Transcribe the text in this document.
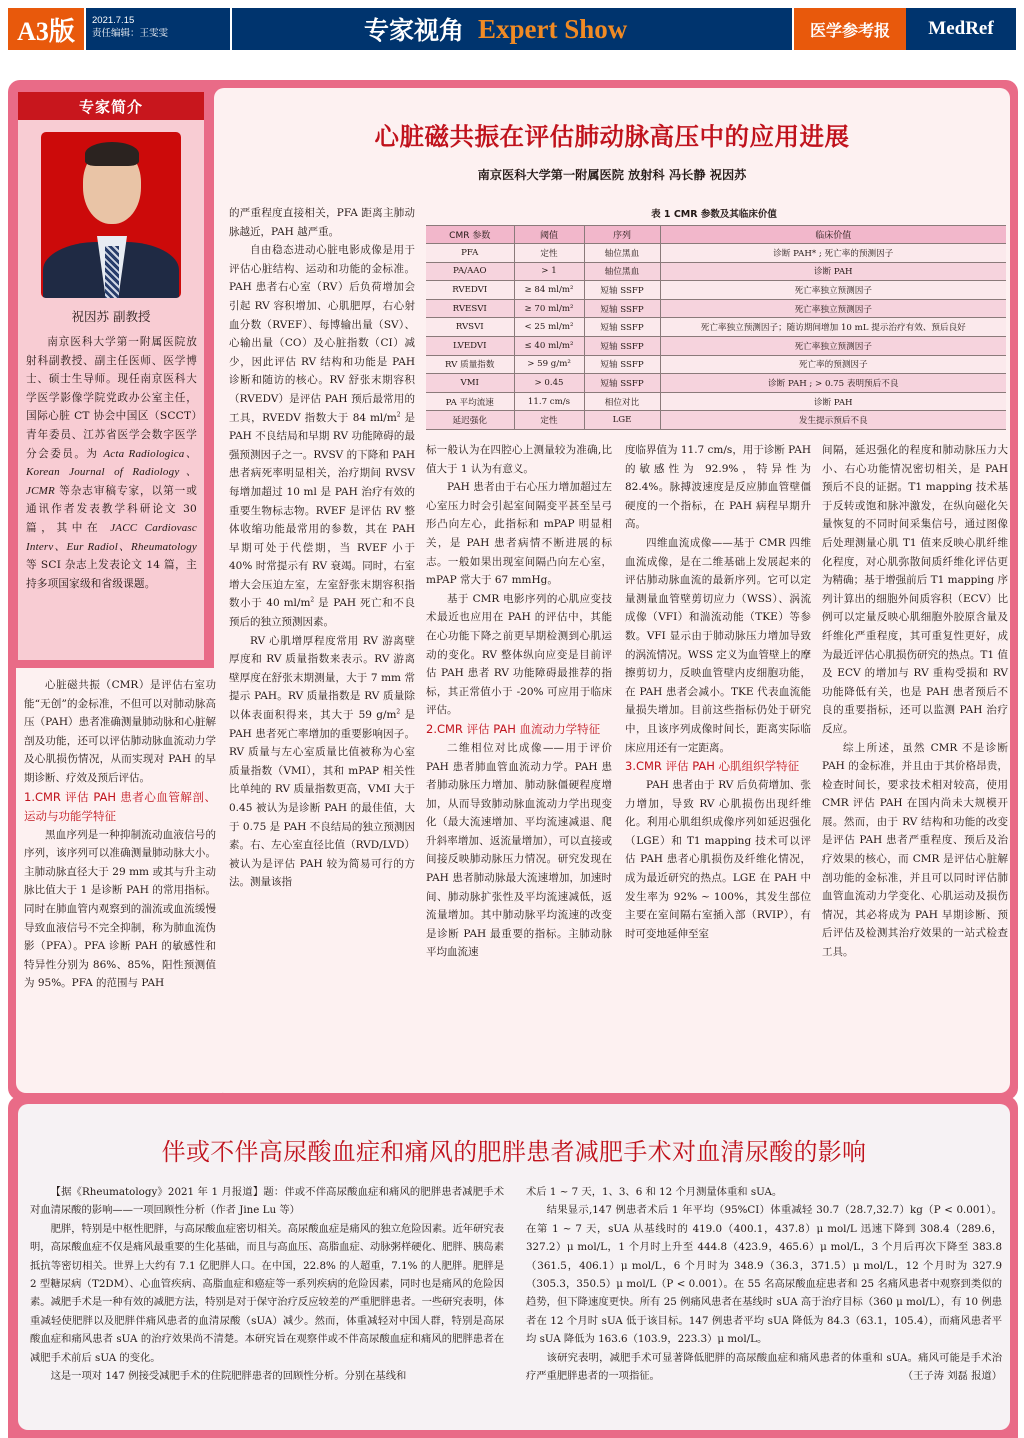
A3版	2021.7.15
责任编辑：王雯雯	专家视角 Expert Show	医学参考报	MedRef
专家简介
祝因苏 副教授
南京医科大学第一附属医院放射科副教授、副主任医师、医学博士、硕士生导师。现任南京医科大学医学影像学院党政办公室主任，国际心脏 CT 协会中国区（SCCT）青年委员、江苏省医学会数字医学分会委员。为 Acta Radiologica、Korean Journal of Radiology、JCMR 等杂志审稿专家，以第一或通讯作者发表教学科研论文 30 篇，其中在 JACC Cardiovasc Interv、Eur Radiol、Rheumatology 等 SCI 杂志上发表论文 14 篇，主持多项国家级和省级课题。
心脏磁共振在评估肺动脉高压中的应用进展
南京医科大学第一附属医院 放射科 冯长静 祝因苏

心脏磁共振（CMR）是评估右室功能“无创”的金标准，不但可以对肺动脉高压（PAH）患者准确测量肺动脉和心脏解剖及功能，还可以评估肺动脉血流动力学及心肌损伤情况，从而实现对 PAH 的早期诊断、疗效及预后评估。

1.CMR 评估 PAH 患者心血管解剖、运动与功能学特征

黑血序列是一种抑制流动血液信号的序列，该序列可以准确测量肺动脉大小。主肺动脉直径大于 29 mm 或其与升主动脉比值大于 1 是诊断 PAH 的常用指标。同时在肺血管内观察到的湍流或血流缓慢导致血液信号不完全抑制，称为肺血流伪影（PFA）。PFA 诊断 PAH 的敏感性和特异性分别为 86%、85%，阳性预测值为 95%。PFA 的范围与 PAH

的严重程度直接相关，PFA 距离主肺动脉越近，PAH 越严重。

自由稳态进动心脏电影成像是用于评估心脏结构、运动和功能的金标准。PAH 患者右心室（RV）后负荷增加会引起 RV 容积增加、心肌肥厚，右心射血分数（RVEF）、每博输出量（SV）、心输出量（CO）及心脏指数（CI）减少，因此评估 RV 结构和功能是 PAH 诊断和随访的核心。RV 舒张末期容积（RVEDV）是评估 PAH 预后最常用的工具，RVEDV 指数大于 84 $ml/m^2$ 是 PAH 不良结局和早期 RV 功能障碍的最强预测因子之一。RVSV 的下降和 PAH 患者病死率明显相关，治疗期间 RVSV 每增加超过 10 ml 是 PAH 治疗有效的重要生物标志物。RVEF 是评估 RV 整体收缩功能最常用的参数，其在 PAH 早期可处于代偿期，当 RVEF 小于 40% 时常提示有 RV 衰竭。同时，右室增大会压迫左室，左室舒张末期容积指数小于 40 $ml/m^2$ 是 PAH 死亡和不良预后的独立预测因素。

RV 心肌增厚程度常用 RV 游离壁厚度和 RV 质量指数来表示。RV 游离壁厚度在舒张末期测量，大于 7 mm 常提示 PAH。RV 质量指数是 RV 质量除以体表面积得来，其大于 59 $g/m^2$ 是 PAH 患者死亡率增加的重要影响因子。RV 质量与左心室质量比值被称为心室质量指数（VMI），其和 mPAP 相关性比单纯的 RV 质量指数更高，VMI 大于 0.45 被认为是诊断 PAH 的最佳值，大于 0.75 是 PAH 不良结局的独立预测因素。右、左心室直径比值（RVD/LVD）被认为是评估 PAH 较为简易可行的方法。测量该指

表 1 CMR 参数及其临床价值
CMR 参数	阈值	序列	临床价值
PFA	定性	轴位黑血	诊断 PAH* ; 死亡率的预测因子
PA/AAO	> 1	轴位黑血	诊断 PAH
RVEDVI	≥ 84 ml/m²	短轴 SSFP	死亡率独立预测因子
RVESVI	≥ 70 ml/m²	短轴 SSFP	死亡率独立预测因子
RVSVI	< 25 ml/m²	短轴 SSFP	死亡率独立预测因子；随访期间增加 10 mL 提示治疗有效、预后良好
LVEDVI	≤ 40 ml/m²	短轴 SSFP	死亡率独立预测因子
RV 质量指数	> 59 g/m²	短轴 SSFP	死亡率的预测因子
VMI	> 0.45	短轴 SSFP	诊断 PAH ; > 0.75 表明预后不良
PA 平均流速	11.7 cm/s	相位对比	诊断 PAH
延迟强化	定性	LGE	发生提示预后不良

标一般认为在四腔心上测量较为准确,比值大于 1 认为有意义。

PAH 患者由于右心压力增加超过左心室压力时会引起室间隔变平甚至呈弓形凸向左心，此指标和 mPAP 明显相关，是 PAH 患者病情不断进展的标志。一般如果出现室间隔凸向左心室，mPAP 常大于 67 mmHg。

基于 CMR 电影序列的心肌应变技术最近也应用在 PAH 的评估中，其能在心功能下降之前更早期检测到心肌运动的变化。RV 整体纵向应变是目前评估 PAH 患者 RV 功能障碍最推荐的指标，其正常值小于 -20% 可应用于临床评估。

2.CMR 评估 PAH 血流动力学特征

二维相位对比成像——用于评价 PAH 患者肺血管血流动力学。PAH 患者肺动脉压力增加、肺动脉僵硬程度增加，从而导致肺动脉血流动力学出现变化（最大流速增加、平均流速减退、爬升斜率增加、返流量增加），可以直接或间接反映肺动脉压力情况。研究发现在 PAH 患者肺动脉最大流速增加，加速时间、肺动脉扩张性及平均流速减低，返流量增加。其中肺动脉平均流速的改变是诊断 PAH 最重要的指标。主肺动脉平均血流速

度临界值为 11.7 cm/s，用于诊断 PAH 的敏感性为 92.9%，特异性为 82.4%。脉搏波速度是反应肺血管壁僵硬度的一个指标，在 PAH 病程早期升高。

四维血流成像——基于 CMR 四维血流成像，是在二维基础上发展起来的评估肺动脉血流的最新序列。它可以定量测量血管壁剪切应力（WSS）、涡流成像（VFI）和湍流动能（TKE）等参数。VFI 显示由于肺动脉压力增加导致的涡流情况。WSS 定义为血管壁上的摩擦剪切力，反映血管壁内皮细胞功能，在 PAH 患者会减小。TKE 代表血流能量损失增加。目前这些指标仍处于研究中，且该序列成像时间长，距离实际临床应用还有一定距离。

3.CMR 评估 PAH 心肌组织学特征

PAH 患者由于 RV 后负荷增加、张力增加，导致 RV 心肌损伤出现纤维化。利用心肌组织成像序列如延迟强化（LGE）和 T1 mapping 技术可以评估 PAH 患者心肌损伤及纤维化情况，成为最近研究的热点。LGE 在 PAH 中发生率为 92% ~ 100%，其发生部位主要在室间隔右室插入部（RVIP），有时可变地延伸至室

间隔，延迟强化的程度和肺动脉压力大小、右心功能情况密切相关，是 PAH 预后不良的证据。T1 mapping 技术基于反转或饱和脉冲激发，在纵向磁化矢量恢复的不同时间采集信号，通过图像后处理测量心肌 T1 值来反映心肌纤维化程度，对心肌弥散间质纤维化评估更为精确；基于增强前后 T1 mapping 序列计算出的细胞外间质容积（ECV）比例可以定量反映心肌细胞外胶原含量及纤维化严重程度，其可重复性更好，成为最近评估心肌损伤研究的热点。T1 值及 ECV 的增加与 RV 重构受损和 RV 功能降低有关，也是 PAH 患者预后不良的重要指标，还可以监测 PAH 治疗反应。

综上所述，虽然 CMR 不是诊断 PAH 的金标准，并且由于其价格昂贵，检查时间长，要求技术相对较高，使用 CMR 评估 PAH 在国内尚未大规模开展。然而，由于 RV 结构和功能的改变是评估 PAH 患者严重程度、预后及治疗效果的核心，而 CMR 是评估心脏解剖功能的金标准，并且可以同时评估肺血管血流动力学变化、心肌运动及损伤情况，其必将成为 PAH 早期诊断、预后评估及检测其治疗效果的一站式检查工具。

伴或不伴高尿酸血症和痛风的肥胖患者减肥手术对血清尿酸的影响

【据《Rheumatology》2021 年 1 月报道】题：伴或不伴高尿酸血症和痛风的肥胖患者减肥手术对血清尿酸的影响——一项回顾性分析（作者 Jine Lu 等）

肥胖，特别是中枢性肥胖，与高尿酸血症密切相关。高尿酸血症是痛风的独立危险因素。近年研究表明，高尿酸血症不仅是痛风最重要的生化基础，而且与高血压、高脂血症、动脉粥样硬化、肥胖、胰岛素抵抗等密切相关。世界上大约有 7.1 亿肥胖人口。在中国，22.8% 的人超重，7.1% 的人肥胖。肥胖是 2 型糖尿病（T2DM）、心血管疾病、高脂血症和癌症等一系列疾病的危险因素，同时也是痛风的危险因素。减肥手术是一种有效的减肥方法，特别是对于保守治疗反应较差的严重肥胖患者。一些研究表明，体重减轻使肥胖以及肥胖伴痛风患者的血清尿酸（sUA）减少。然而，体重减轻对中国人群，特别是高尿酸血症和痛风患者 sUA 的治疗效果尚不清楚。本研究旨在观察伴或不伴高尿酸血症和痛风的肥胖患者在减肥手术前后 sUA 的变化。

这是一项对 147 例接受减肥手术的住院肥胖患者的回顾性分析。分别在基线和

术后 1 ~ 7 天，1、3、6 和 12 个月测量体重和 sUA。

结果显示,147 例患者术后 1 年平均（95%CI）体重减轻 30.7（28.7,32.7）kg（P < 0.001）。在第 1 ~ 7 天，sUA 从基线时的 419.0（400.1，437.8）μ mol/L 迅速下降到 308.4（289.6，327.2）μ mol/L，1 个月时上升至 444.8（423.9，465.6）μ mol/L，3 个月后再次下降至 383.8（361.5，406.1）μ mol/L，6 个月时为 348.9（36.3，371.5）μ mol/L，12 个月时为 327.9（305.3，350.5）μ mol/L（P < 0.001）。在 55 名高尿酸血症患者和 25 名痛风患者中观察到类似的趋势，但下降速度更快。所有 25 例痛风患者在基线时 sUA 高于治疗目标（360 μ mol/L），有 10 例患者在 12 个月时 sUA 低于该目标。147 例患者平均 sUA 降低为 84.3（63.1，105.4），而痛风患者平均 sUA 降低为 163.6（103.9，223.3）μ mol/L。

该研究表明，减肥手术可显著降低肥胖的高尿酸血症和痛风患者的体重和 sUA。痛风可能是手术治疗严重肥胖患者的一项指征。	（王子涛 刘磊 报道）
